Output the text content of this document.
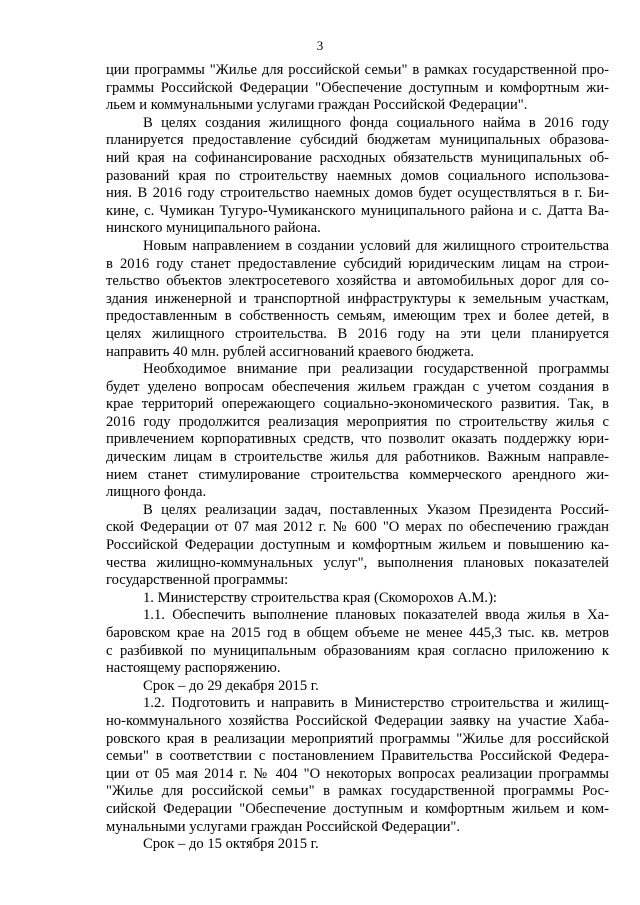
3
ции программы "Жилье для российской семьи" в рамках государственной про-
граммы Российской Федерации "Обеспечение доступным и комфортным жи-
льем и коммунальными услугами граждан Российской Федерации".
В целях создания жилищного фонда социального найма в 2016 году
планируется предоставление субсидий бюджетам муниципальных образова-
ний края на софинансирование расходных обязательств муниципальных об-
разований края по строительству наемных домов социального использова-
ния. В 2016 году строительство наемных домов будет осуществляться в г. Би-
кине, с. Чумикан Тугуро-Чумиканского муниципального района и с. Датта Ва-
нинского муниципального района.
Новым направлением в создании условий для жилищного строительства
в 2016 году станет предоставление субсидий юридическим лицам на строи-
тельство объектов электросетевого хозяйства и автомобильных дорог для со-
здания инженерной и транспортной инфраструктуры к земельным участкам,
предоставленным в собственность семьям, имеющим трех и более детей, в
целях жилищного строительства. В 2016 году на эти цели планируется
направить 40 млн. рублей ассигнований краевого бюджета.
Необходимое внимание при реализации государственной программы
будет уделено вопросам обеспечения жильем граждан с учетом создания в
крае территорий опережающего социально-экономического развития. Так, в
2016 году продолжится реализация мероприятия по строительству жилья с
привлечением корпоративных средств, что позволит оказать поддержку юри-
дическим лицам в строительстве жилья для работников. Важным направле-
нием станет стимулирование строительства коммерческого арендного жи-
лищного фонда.
В целях реализации задач, поставленных Указом Президента Россий-
ской Федерации от 07 мая 2012 г. № 600 "О мерах по обеспечению граждан
Российской Федерации доступным и комфортным жильем и повышению ка-
чества жилищно-коммунальных услуг", выполнения плановых показателей
государственной программы:
1. Министерству строительства края (Скоморохов А.М.):
1.1. Обеспечить выполнение плановых показателей ввода жилья в Ха-
баровском крае на 2015 год в общем объеме не менее 445,3 тыс. кв. метров
с разбивкой по муниципальным образованиям края согласно приложению к
настоящему распоряжению.
Срок – до 29 декабря 2015 г.
1.2. Подготовить и направить в Министерство строительства и жилищ-
но-коммунального хозяйства Российской Федерации заявку на участие Хаба-
ровского края в реализации мероприятий программы "Жилье для российской
семьи" в соответствии с постановлением Правительства Российской Федера-
ции от 05 мая 2014 г. № 404 "О некоторых вопросах реализации программы
"Жилье для российской семьи" в рамках государственной программы Рос-
сийской Федерации "Обеспечение доступным и комфортным жильем и ком-
мунальными услугами граждан Российской Федерации".
Срок – до 15 октября 2015 г.
